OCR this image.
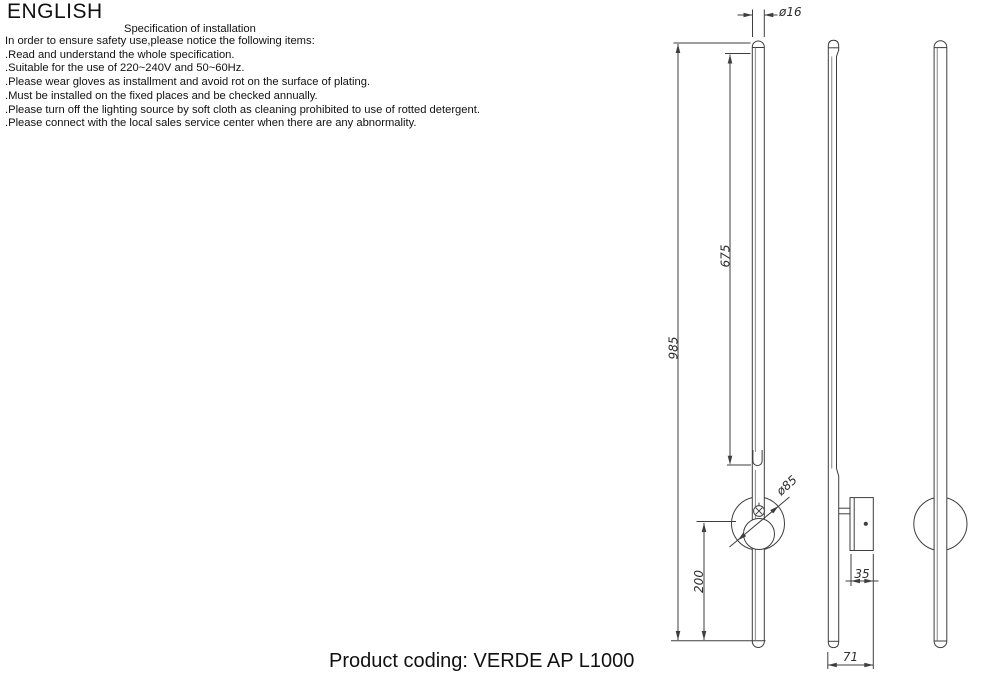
ø16
985
675
200
ø85
35
71
ENGLISH
Specification of installation
In order to ensure safety use,please notice the following items:
.Read and understand the whole specification.
.Suitable for the use of 220~240V and 50~60Hz.
.Please wear gloves as installment and avoid rot on the surface of plating.
.Must be installed on the fixed places and be checked annually.
.Please turn off the lighting source by soft cloth as cleaning prohibited to use of rotted detergent.
.Please connect with the local sales service center when there are any abnormality.
Product coding: VERDE AP L1000
